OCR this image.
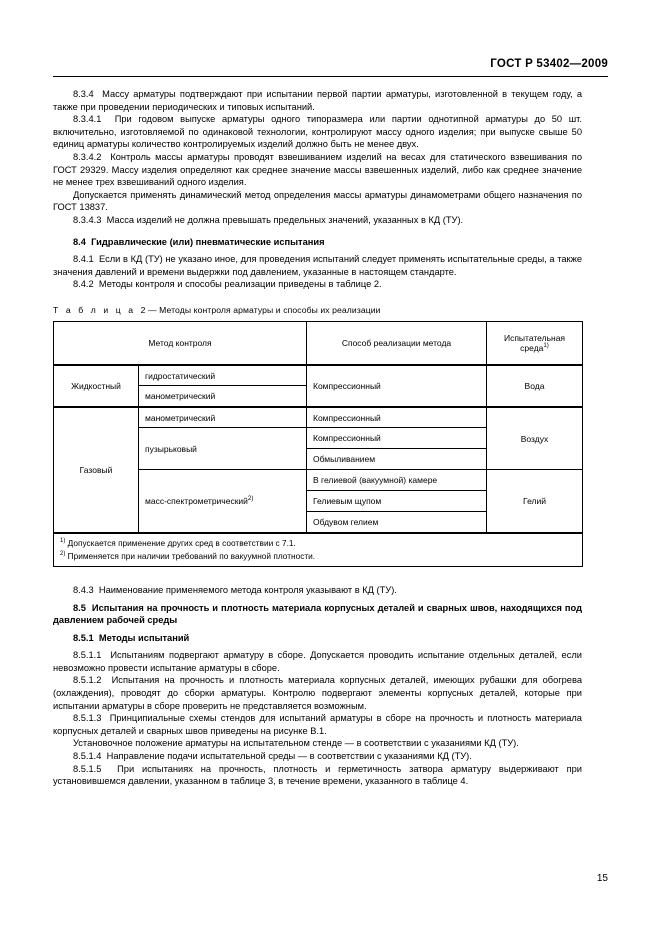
ГОСТ Р 53402—2009

8.3.4 Массу арматуры подтверждают при испытании первой партии арматуры, изготовленной в текущем году, а также при проведении периодических и типовых испытаний.

8.3.4.1 При годовом выпуске арматуры одного типоразмера или партии однотипной арматуры до 50 шт. включительно, изготовляемой по одинаковой технологии, контролируют массу одного изделия; при выпуске свыше 50 единиц арматуры количество контролируемых изделий должно быть не менее двух.

8.3.4.2 Контроль массы арматуры проводят взвешиванием изделий на весах для статического взвешивания по ГОСТ 29329. Массу изделия определяют как среднее значение массы взвешенных изделий, либо как среднее значение не менее трех взвешиваний одного изделия.

Допускается применять динамический метод определения массы арматуры динамометрами общего назначения по ГОСТ 13837.

8.3.4.3 Масса изделий не должна превышать предельных значений, указанных в КД (ТУ).

8.4 Гидравлические (или) пневматические испытания

8.4.1 Если в КД (ТУ) не указано иное, для проведения испытаний следует применять испытательные среды, а также значения давлений и времени выдержки под давлением, указанные в настоящем стандарте.

8.4.2 Методы контроля и способы реализации приведены в таблице 2.

Т а б л и ц а 2 — Методы контроля арматуры и способы их реализации

Метод контроля		Способ реализации метода	Испытательная среда$^{1)}$
Жидкостный	гидростатический	Компрессионный	Вода
	манометрический		
Газовый	манометрический	Компрессионный	Воздух
	пузырьковый	Компрессионный	
		Обмыливанием	
	масс-спектрометрический$^{2)}$	В гелиевой (вакуумной) камере	Гелий
		Гелиевым щупом	
		Обдувом гелием	

$^{1)}$ Допускается применение других сред в соответствии с 7.1.

$^{2)}$ Применяется при наличии требований по вакуумной плотности.			

8.4.3 Наименование применяемого метода контроля указывают в КД (ТУ).

8.5 Испытания на прочность и плотность материала корпусных деталей и сварных швов, находящихся под давлением рабочей среды

8.5.1 Методы испытаний

8.5.1.1 Испытаниям подвергают арматуру в сборе. Допускается проводить испытание отдельных деталей, если невозможно провести испытание арматуры в сборе.

8.5.1.2 Испытания на прочность и плотность материала корпусных деталей, имеющих рубашки для обогрева (охлаждения), проводят до сборки арматуры. Контролю подвергают элементы корпусных деталей, которые при испытании арматуры в сборе проверить не представляется возможным.

8.5.1.3 Принципиальные схемы стендов для испытаний арматуры в сборе на прочность и плотность материала корпусных деталей и сварных швов приведены на рисунке В.1.

Установочное положение арматуры на испытательном стенде — в соответствии с указаниями КД (ТУ).

8.5.1.4 Направление подачи испытательной среды — в соответствии с указаниями КД (ТУ).

8.5.1.5 При испытаниях на прочность, плотность и герметичность затвора арматуру выдерживают при установившемся давлении, указанном в таблице 3, в течение времени, указанного в таблице 4.

15
